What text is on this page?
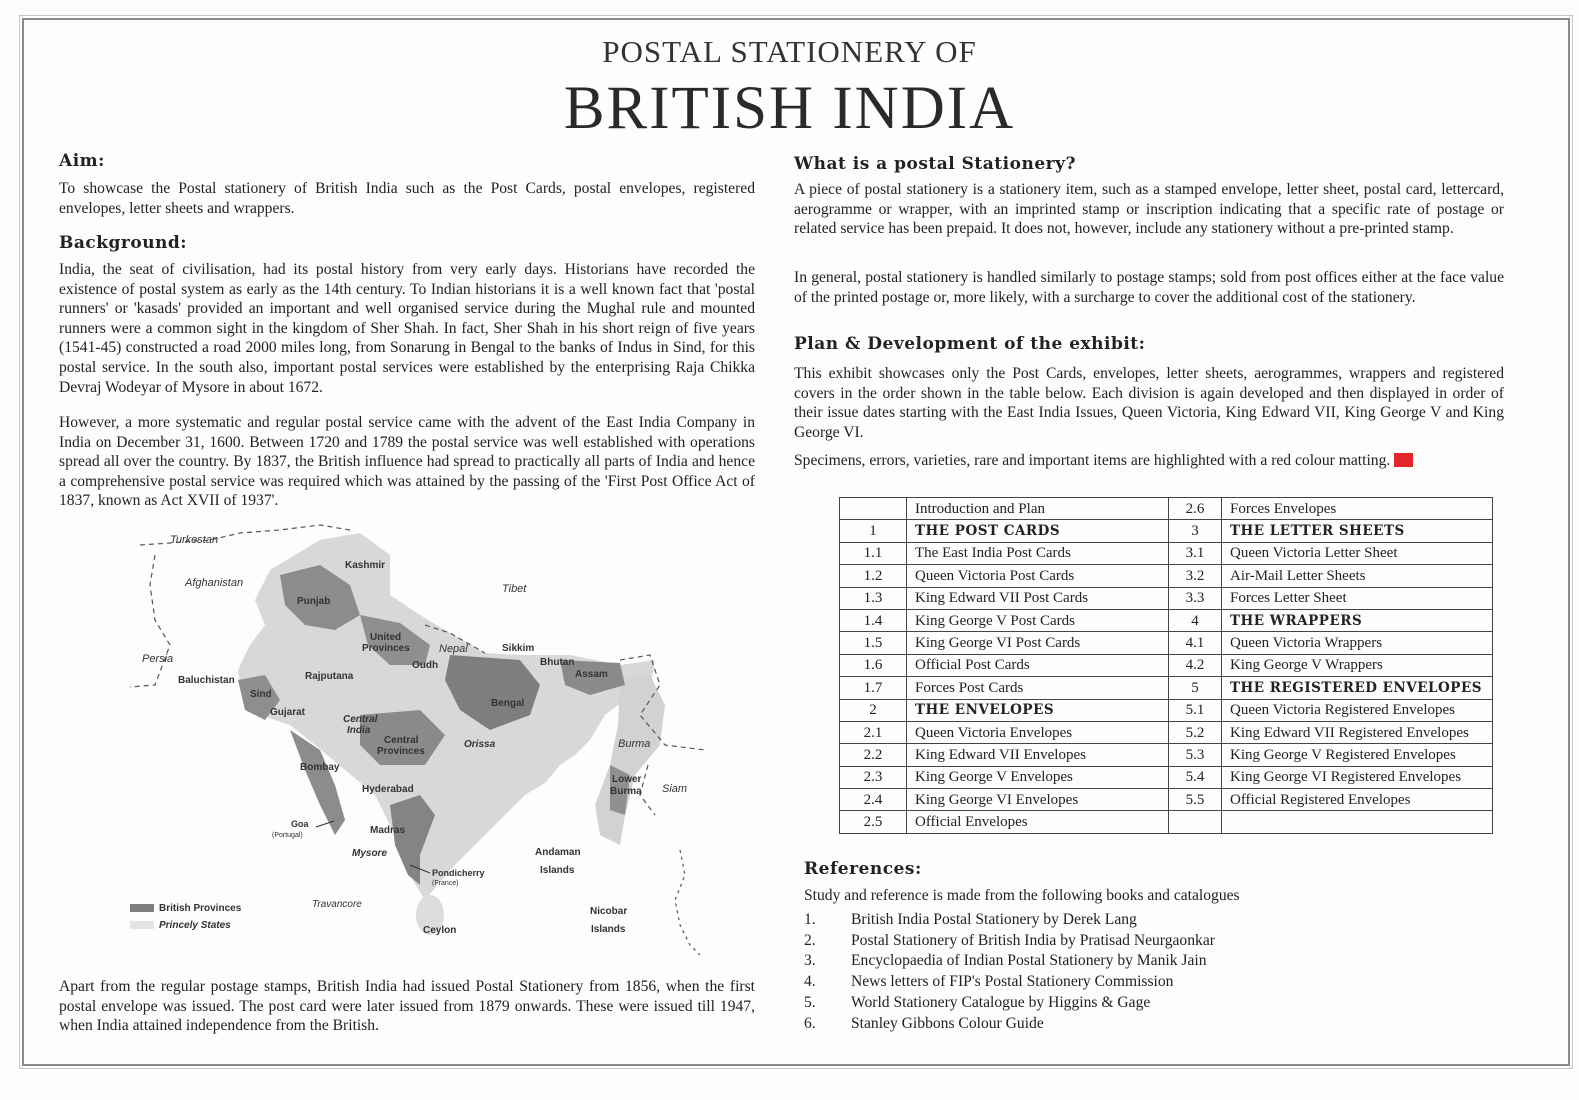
POSTAL STATIONERY OF
BRITISH INDIA
Aim:
To showcase the Postal stationery of British India such as the Post Cards, postal envelopes, registered envelopes, letter sheets and wrappers.
Background:
India, the seat of civilisation, had its postal history from very early days. Historians have recorded the existence of postal system as early as the 14th century. To Indian historians it is a well known fact that 'postal runners' or 'kasads' provided an important and well organised service during the Mughal rule and mounted runners were a common sight in the kingdom of Sher Shah. In fact, Sher Shah in his short reign of five years (1541-45) constructed a road 2000 miles long, from Sonarung in Bengal to the banks of Indus in Sind, for this postal service. In the south also, important postal services were established by the enterprising Raja Chikka Devraj Wodeyar of Mysore in about 1672.
However, a more systematic and regular postal service came with the advent of the East India Company in India on December 31, 1600. Between 1720 and 1789 the postal service was well established with operations spread all over the country. By 1837, the British influence had spread to practically all parts of India and hence a comprehensive postal service was required which was attained by the passing of the 'First Post Office Act of 1837, known as Act XVII of 1937'.
Turkestan
Kashmir
Afghanistan	Tibet
Punjab
United
Provinces	Nepal	Sikkim
Persia
Oudh	Bhutan
Baluchistan	Rajputana	Assam
Sind
Gujarat
Bengal
Central
India
Central
Provinces
Orissa	Burma
Bombay
Lower
Burma Siam
Hyderabad
Goa
(Portugal)	Madras
Mysore	Andaman
Islands
Pondicherry
(France)
Travancore
Nicobar
Islands
Ceylon
British Provinces
Princely States
Apart from the regular postage stamps, British India had issued Postal Stationery from 1856, when the first postal envelope was issued. The post card were later issued from 1879 onwards. These were issued till 1947, when India attained independence from the British.
What is a postal Stationery?
A piece of postal stationery is a stationery item, such as a stamped envelope, letter sheet, postal card, lettercard, aerogramme or wrapper, with an imprinted stamp or inscription indicating that a specific rate of postage or related service has been prepaid. It does not, however, include any stationery without a pre-printed stamp.
In general, postal stationery is handled similarly to postage stamps; sold from post offices either at the face value of the printed postage or, more likely, with a surcharge to cover the additional cost of the stationery.
Plan & Development of the exhibit:
This exhibit showcases only the Post Cards, envelopes, letter sheets, aerogrammes, wrappers and registered covers in the order shown in the table below. Each division is again developed and then displayed in order of their issue dates starting with the East India Issues, Queen Victoria, King Edward VII, King George V and King George VI.
Specimens, errors, varieties, rare and important items are highlighted with a red colour matting.
	Introduction and Plan	2.6	Forces Envelopes
1	THE POST CARDS	3	THE LETTER SHEETS
1.1	The East India Post Cards	3.1	Queen Victoria Letter Sheet
1.2	Queen Victoria Post Cards	3.2	Air-Mail Letter Sheets
1.3	King Edward VII Post Cards	3.3	Forces Letter Sheet
1.4	King George V Post Cards	4	THE WRAPPERS
1.5	King George VI Post Cards	4.1	Queen Victoria Wrappers
1.6	Official Post Cards	4.2	King George V Wrappers
1.7	Forces Post Cards	5	THE REGISTERED ENVELOPES
2	THE ENVELOPES	5.1	Queen Victoria Registered Envelopes
2.1	Queen Victoria Envelopes	5.2	King Edward VII Registered Envelopes
2.2	King Edward VII Envelopes	5.3	King George V Registered Envelopes
2.3	King George V Envelopes	5.4	King George VI Registered Envelopes
2.4	King George VI Envelopes	5.5	Official Registered Envelopes
2.5	Official Envelopes		
References:
Study and reference is made from the following books and catalogues
1. British India Postal Stationery by Derek Lang
2. Postal Stationery of British India by Pratisad Neurgaonkar
3. Encyclopaedia of Indian Postal Stationery by Manik Jain
4. News letters of FIP's Postal Stationery Commission
5. World Stationery Catalogue by Higgins & Gage
6. Stanley Gibbons Colour Guide
